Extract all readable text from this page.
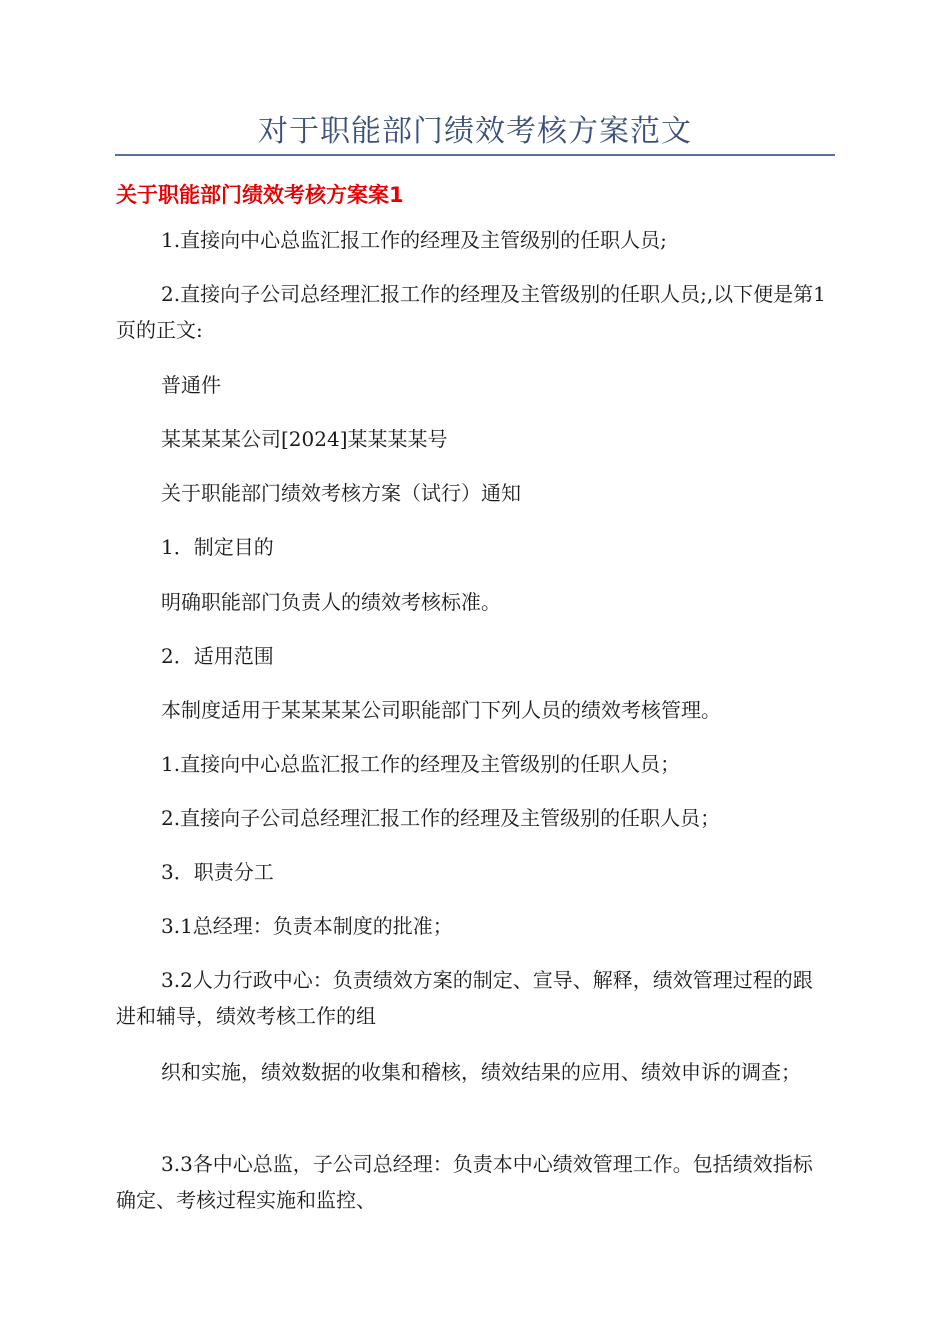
对于职能部门绩效考核方案范文
关于职能部门绩效考核方案案1

1.直接向中心总监汇报工作的经理及主管级别的任职人员;

2.直接向子公司总经理汇报工作的经理及主管级别的任职人员;,以下便是第1页的正文:

普通件

某某某某公司[2024]某某某某号

关于职能部门绩效考核方案（试行）通知

1．制定目的

明确职能部门负责人的绩效考核标准。

2．适用范围

本制度适用于某某某某公司职能部门下列人员的绩效考核管理。

1.直接向中心总监汇报工作的经理及主管级别的任职人员；

2.直接向子公司总经理汇报工作的经理及主管级别的任职人员；

3．职责分工

3.1总经理：负责本制度的批准；

3.2人力行政中心：负责绩效方案的制定、宣导、解释，绩效管理过程的跟进和辅导，绩效考核工作的组

织和实施，绩效数据的收集和稽核，绩效结果的应用、绩效申诉的调查；

3.3各中心总监，子公司总经理：负责本中心绩效管理工作。包括绩效指标确定、考核过程实施和监控、
